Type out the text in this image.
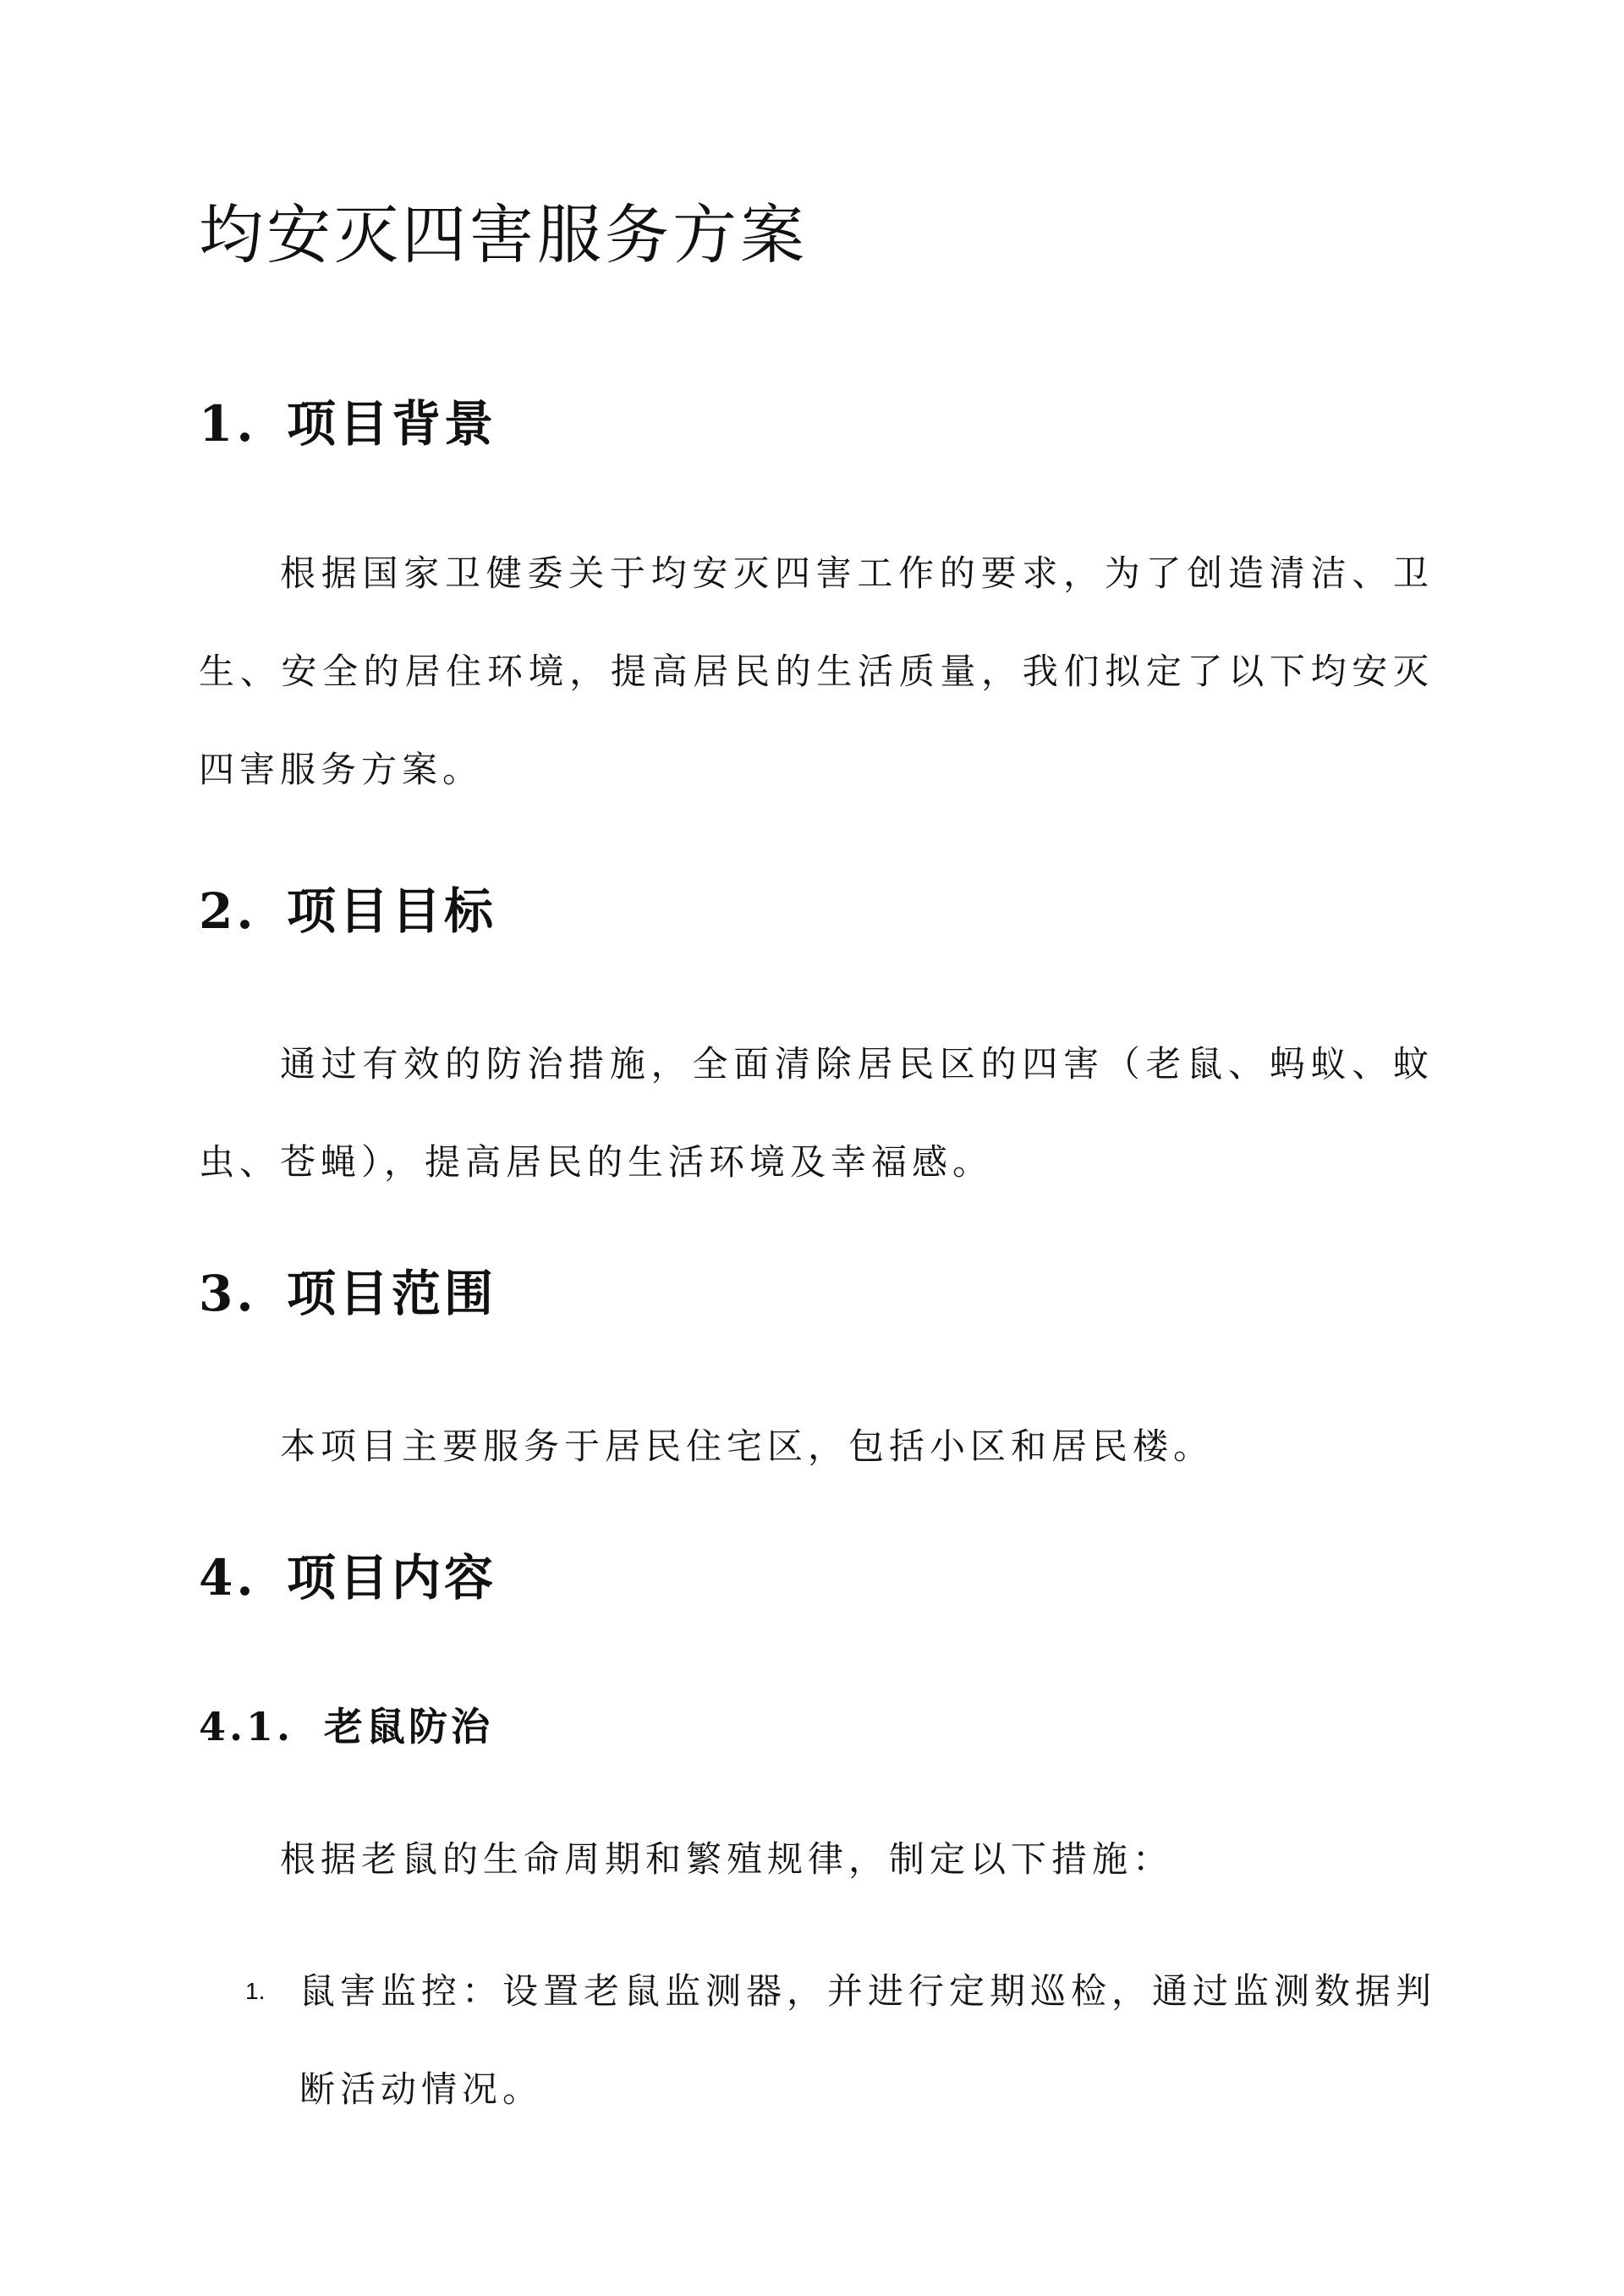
均安灭四害服务方案
1. 项目背景

根据国家卫健委关于均安灭四害工作的要求，为了创造清洁、卫生、安全的居住环境，提高居民的生活质量，我们拟定了以下均安灭四害服务方案。

2. 项目目标

通过有效的防治措施，全面清除居民区的四害（老鼠、蚂蚁、蚊虫、苍蝇），提高居民的生活环境及幸福感。

3. 项目范围

本项目主要服务于居民住宅区，包括小区和居民楼。

4. 项目内容
4.1. 老鼠防治

根据老鼠的生命周期和繁殖规律，制定以下措施：

1. 鼠害监控：设置老鼠监测器，并进行定期巡检，通过监测数据判断活动情况。
